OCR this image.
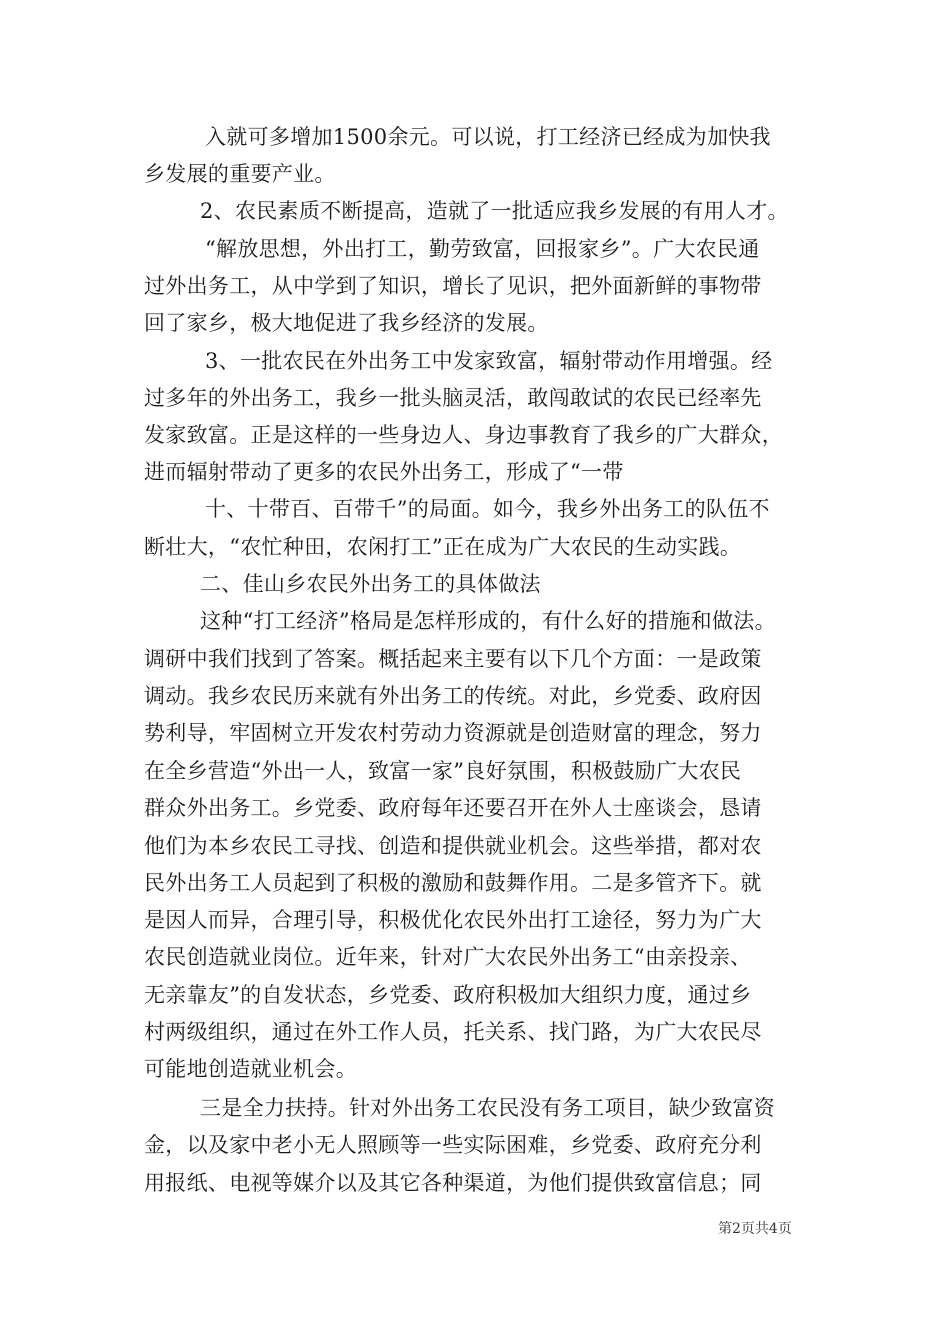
入就可多增加1500余元。可以说，打工经济已经成为加快我
乡发展的重要产业。
2、农民素质不断提高，造就了一批适应我乡发展的有用人才。
“解放思想，外出打工，勤劳致富，回报家乡”。广大农民通
过外出务工，从中学到了知识，增长了见识，把外面新鲜的事物带
回了家乡，极大地促进了我乡经济的发展。
3、一批农民在外出务工中发家致富，辐射带动作用增强。经
过多年的外出务工，我乡一批头脑灵活，敢闯敢试的农民已经率先
发家致富。正是这样的一些身边人、身边事教育了我乡的广大群众，
进而辐射带动了更多的农民外出务工，形成了“一带
十、十带百、百带千”的局面。如今，我乡外出务工的队伍不
断壮大，“农忙种田，农闲打工”正在成为广大农民的生动实践。
二、佳山乡农民外出务工的具体做法
这种“打工经济”格局是怎样形成的，有什么好的措施和做法。
调研中我们找到了答案。概括起来主要有以下几个方面：一是政策
调动。我乡农民历来就有外出务工的传统。对此，乡党委、政府因
势利导，牢固树立开发农村劳动力资源就是创造财富的理念，努力
在全乡营造“外出一人，致富一家”良好氛围，积极鼓励广大农民
群众外出务工。乡党委、政府每年还要召开在外人士座谈会，恳请
他们为本乡农民工寻找、创造和提供就业机会。这些举措，都对农
民外出务工人员起到了积极的激励和鼓舞作用。二是多管齐下。就
是因人而异，合理引导，积极优化农民外出打工途径，努力为广大
农民创造就业岗位。近年来，针对广大农民外出务工“由亲投亲、
无亲靠友”的自发状态，乡党委、政府积极加大组织力度，通过乡
村两级组织，通过在外工作人员，托关系、找门路，为广大农民尽
可能地创造就业机会。
三是全力扶持。针对外出务工农民没有务工项目，缺少致富资
金，以及家中老小无人照顾等一些实际困难，乡党委、政府充分利
用报纸、电视等媒介以及其它各种渠道，为他们提供致富信息；同
第2页共4页
